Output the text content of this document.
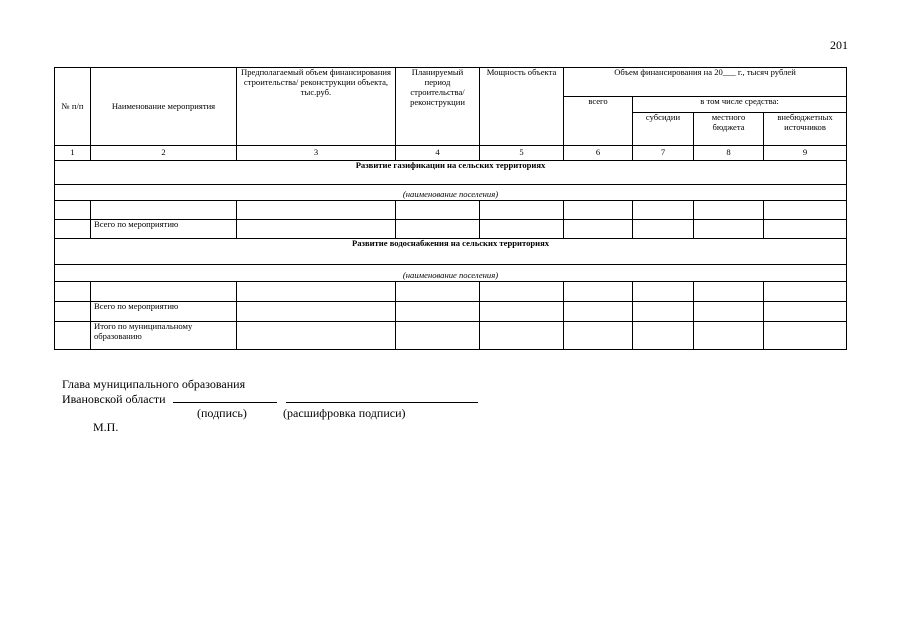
201
№ п/п	Наименование мероприятия	Предполагаемый объем финансирования строительства/ реконструкции объекта, тыс.руб.	Планируемый период строительства/ реконструкции	Мощность объекта	Объем финансирования на 20___ г., тысяч рублей			
					всего	в том числе средства:		
						субсидии	местного бюджета	внебюджетных источников
1	2	3	4	5	6	7	8	9
Развитие газификации на сельских территориях								
(наименование поселения)								

	Всего по мероприятию							
Развитие водоснабжения на сельских территориях								
(наименование поселения)								

	Всего по мероприятию							
	Итого по муниципальному образованию							
Глава муниципального образования
Ивановской области
(подпись)	(расшифровка подписи)
М.П.
